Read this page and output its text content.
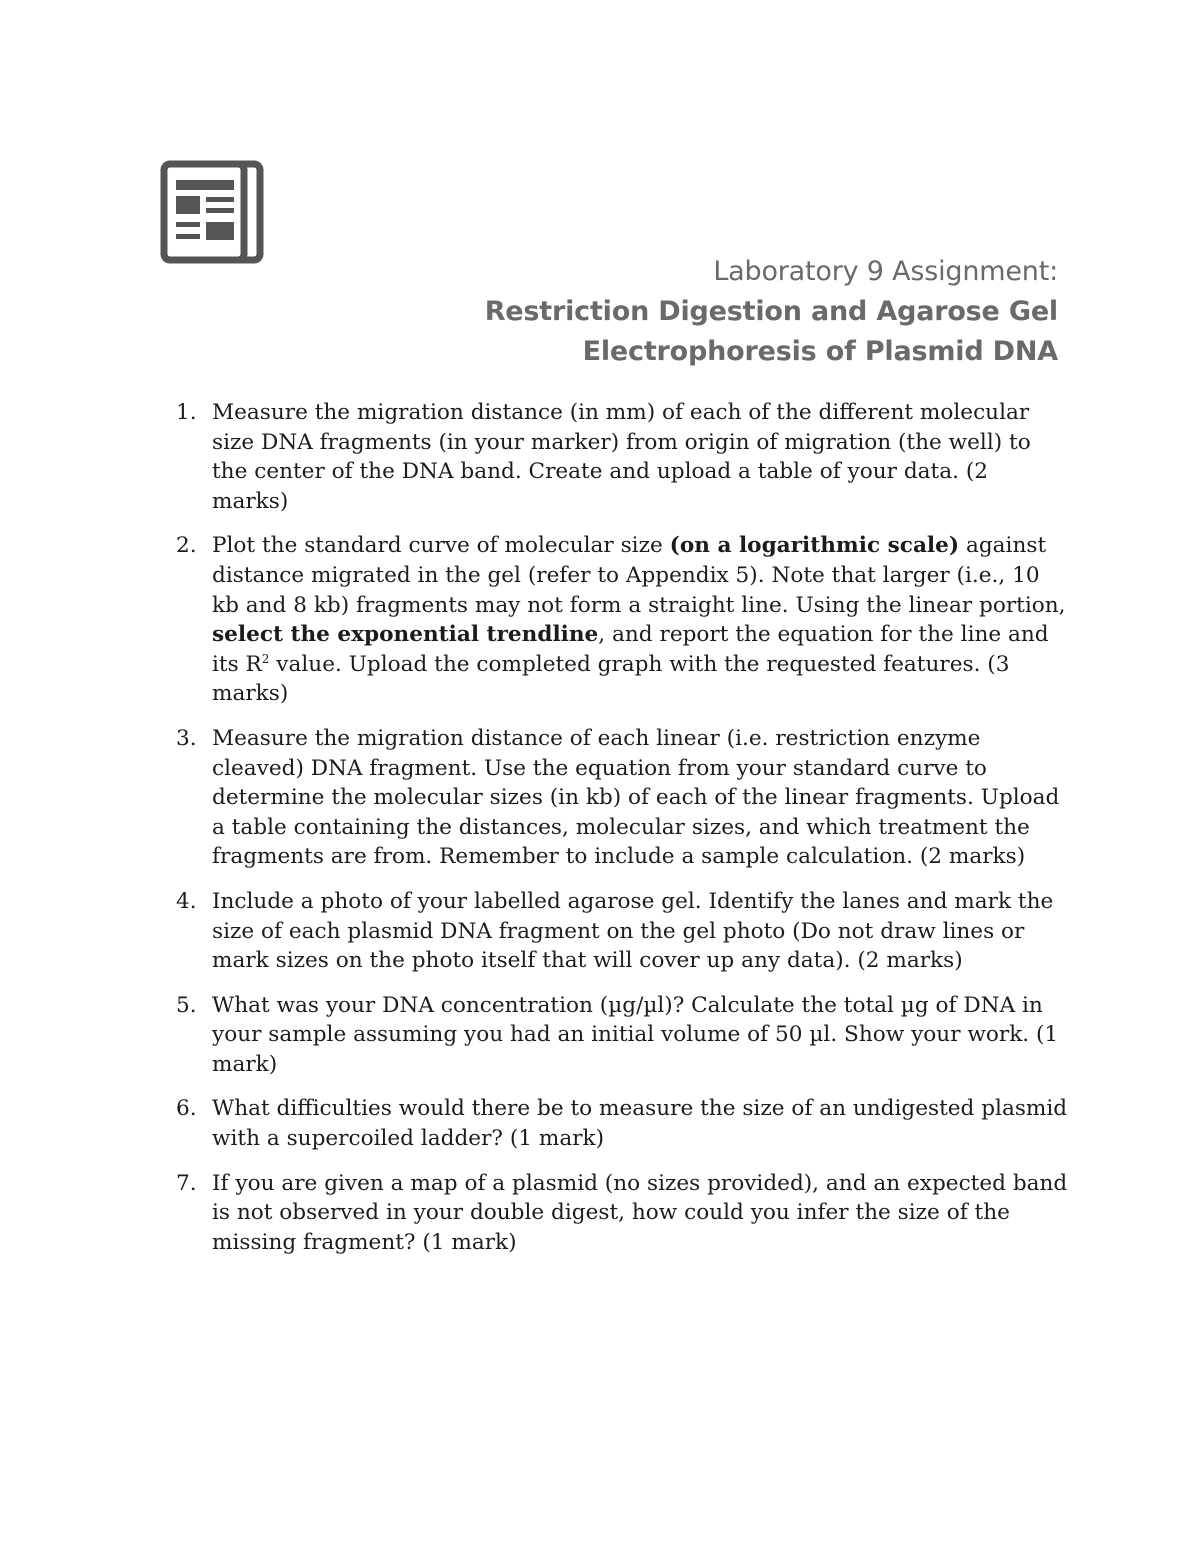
Laboratory 9 Assignment:
Restriction Digestion and Agarose Gel
Electrophoresis of Plasmid DNA
1. Measure the migration distance (in mm) of each of the different molecular size DNA fragments (in your marker) from origin of migration (the well) to the center of the DNA band. Create and upload a table of your data. (2 marks)
2. Plot the standard curve of molecular size (on a logarithmic scale) against distance migrated in the gel (refer to Appendix 5). Note that larger (i.e., 10 kb and 8 kb) fragments may not form a straight line. Using the linear portion, select the exponential trendline, and report the equation for the line and its $R^2$ value. Upload the completed graph with the requested features. (3 marks)
3. Measure the migration distance of each linear (i.e. restriction enzyme cleaved) DNA fragment. Use the equation from your standard curve to determine the molecular sizes (in kb) of each of the linear fragments. Upload a table containing the distances, molecular sizes, and which treatment the fragments are from. Remember to include a sample calculation. (2 marks)
4. Include a photo of your labelled agarose gel. Identify the lanes and mark the size of each plasmid DNA fragment on the gel photo (Do not draw lines or mark sizes on the photo itself that will cover up any data). (2 marks)
5. What was your DNA concentration (µg/µl)? Calculate the total µg of DNA in your sample assuming you had an initial volume of 50 µl. Show your work. (1 mark)
6. What difficulties would there be to measure the size of an undigested plasmid with a supercoiled ladder? (1 mark)
7. If you are given a map of a plasmid (no sizes provided), and an expected band is not observed in your double digest, how could you infer the size of the missing fragment? (1 mark)
